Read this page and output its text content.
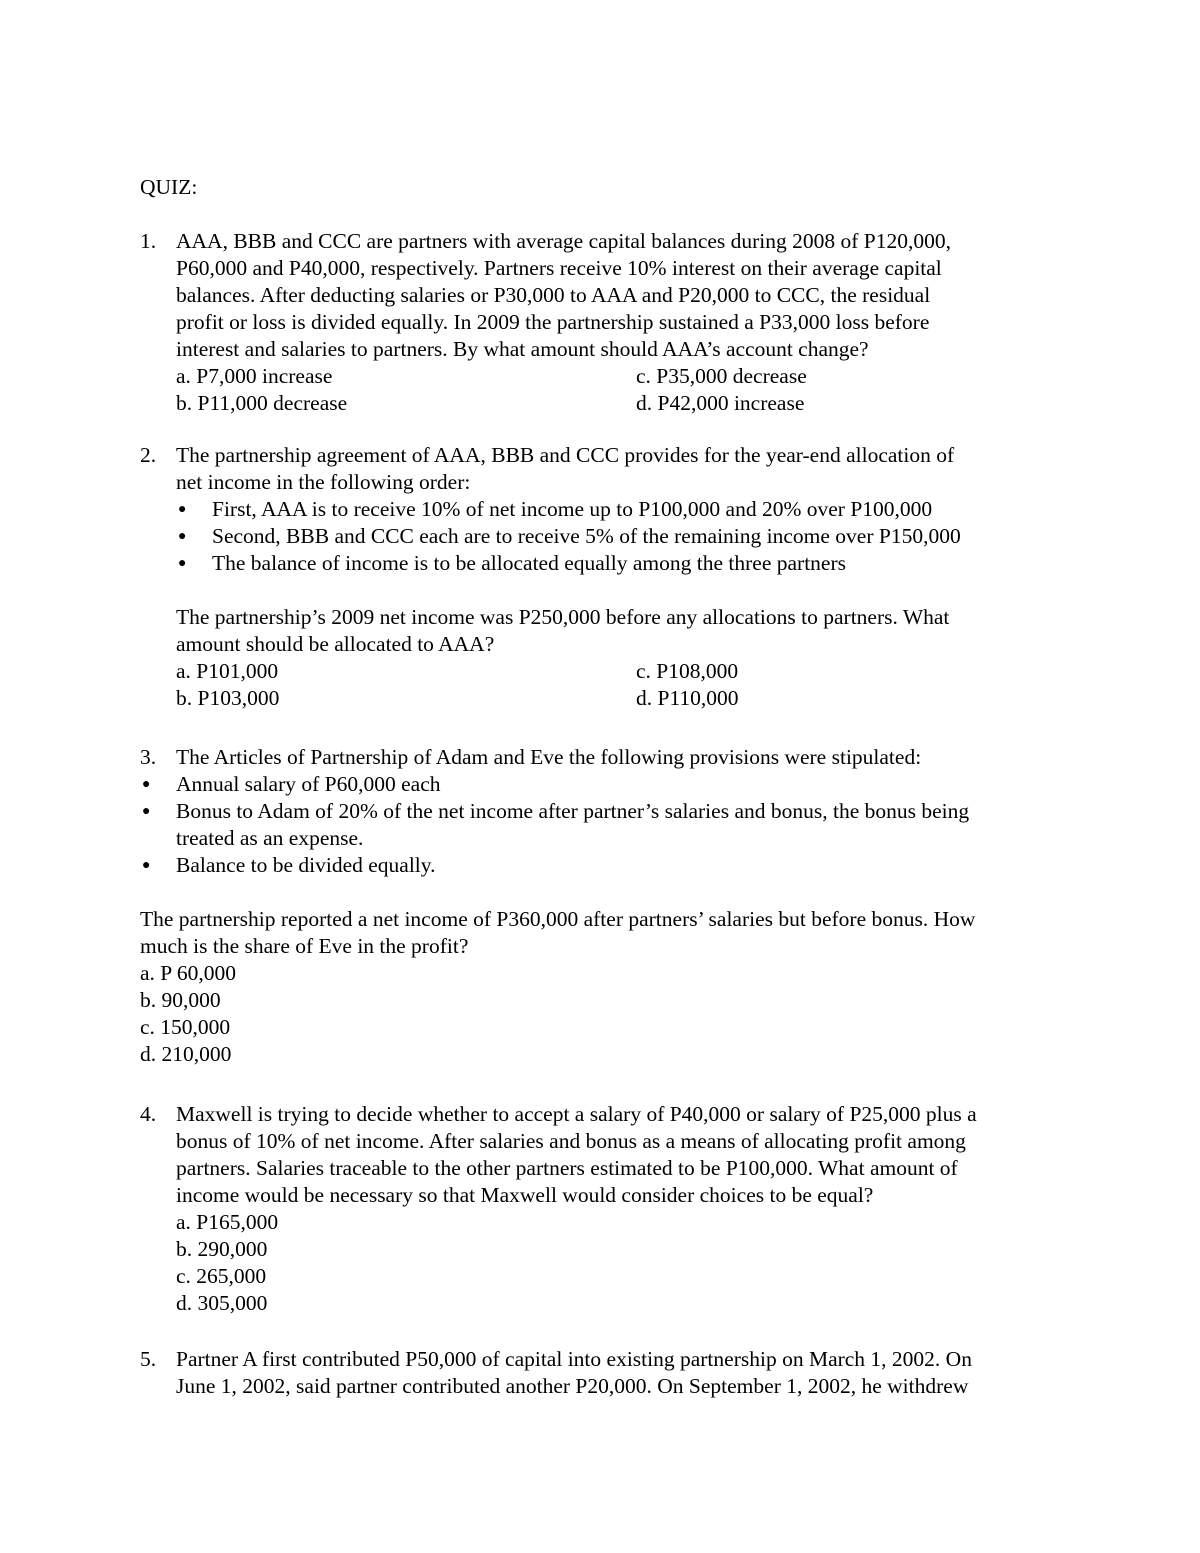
QUIZ:
1. AAA, BBB and CCC are partners with average capital balances during 2008 of P120,000,
P60,000 and P40,000, respectively. Partners receive 10% interest on their average capital
balances. After deducting salaries or P30,000 to AAA and P20,000 to CCC, the residual
profit or loss is divided equally. In 2009 the partnership sustained a P33,000 loss before
interest and salaries to partners. By what amount should AAA’s account change?
a. P7,000 increase	c. P35,000 decrease
b. P11,000 decrease	d. P42,000 increase
2. The partnership agreement of AAA, BBB and CCC provides for the year-end allocation of
net income in the following order:
● First, AAA is to receive 10% of net income up to P100,000 and 20% over P100,000
● Second, BBB and CCC each are to receive 5% of the remaining income over P150,000
● The balance of income is to be allocated equally among the three partners
The partnership’s 2009 net income was P250,000 before any allocations to partners. What
amount should be allocated to AAA?
a. P101,000	c. P108,000
b. P103,000	d. P110,000
3. The Articles of Partnership of Adam and Eve the following provisions were stipulated:
● Annual salary of P60,000 each
● Bonus to Adam of 20% of the net income after partner’s salaries and bonus, the bonus being
treated as an expense.
● Balance to be divided equally.
The partnership reported a net income of P360,000 after partners’ salaries but before bonus. How
much is the share of Eve in the profit?
a. P 60,000
b. 90,000
c. 150,000
d. 210,000
4. Maxwell is trying to decide whether to accept a salary of P40,000 or salary of P25,000 plus a
bonus of 10% of net income. After salaries and bonus as a means of allocating profit among
partners. Salaries traceable to the other partners estimated to be P100,000. What amount of
income would be necessary so that Maxwell would consider choices to be equal?
a. P165,000
b. 290,000
c. 265,000
d. 305,000
5. Partner A first contributed P50,000 of capital into existing partnership on March 1, 2002. On
June 1, 2002, said partner contributed another P20,000. On September 1, 2002, he withdrew
